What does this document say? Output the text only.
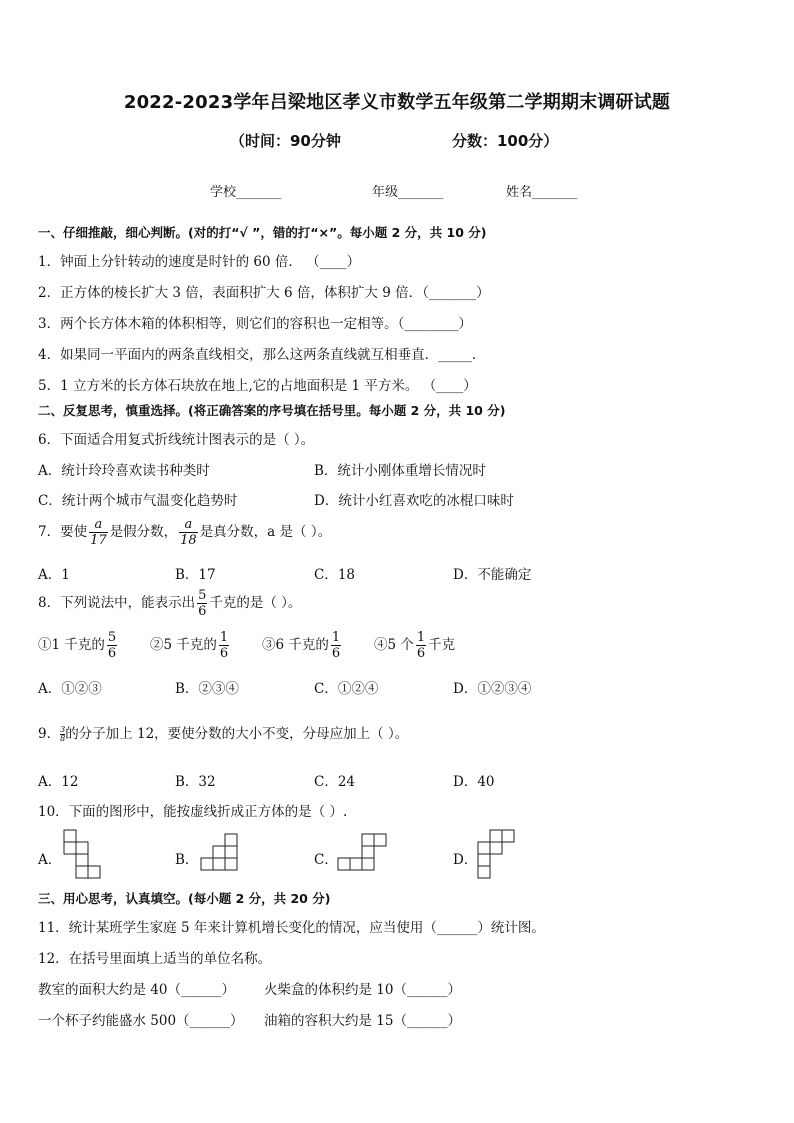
2022-2023学年吕梁地区孝义市数学五年级第二学期期末调研试题
（时间：90分钟	分数：100分）
学校_______	年级_______	姓名_______
一、仔细推敲，细心判断。(对的打“√ ”，错的打“×”。每小题 2 分，共 10 分)
1．钟面上分针转动的速度是时针的 60 倍． （____）
2．正方体的棱长扩大 3 倍，表面积扩大 6 倍，体积扩大 9 倍．（_______）
3．两个长方体木箱的体积相等，则它们的容积也一定相等。（________）
4．如果同一平面内的两条直线相交，那么这两条直线就互相垂直．_____．
5．1 立方米的长方体石块放在地上,它的占地面积是 1 平方米。 （____）
二、反复思考，慎重选择。(将正确答案的序号填在括号里。每小题 2 分，共 10 分)
6．下面适合用复式折线统计图表示的是（ ）。
A．统计玲玲喜欢读书种类时	B．统计小刚体重增长情况时
C．统计两个城市气温变化趋势时	D．统计小红喜欢吃的冰棍口味时
7．要使 $\frac{a}{17}$ 是假分数， $\frac{a}{18}$ 是真分数，a 是（ ）。
A．1	B．17	C．18	D．不能确定
8．下列说法中，能表示出 $\frac{5}{6}$ 千克的是（ ）。
①1 千克的 $\frac{5}{6}$ ②5 千克的 $\frac{1}{6}$ ③6 千克的 $\frac{1}{6}$ ④5 个 $\frac{1}{6}$ 千克
A．①②③	B．②③④	C．①②④	D．①②③④
9． $\frac{3}{8}$ 的分子加上 12，要使分数的大小不变，分母应加上（ ）。
A．12	B．32	C．24	D．40
10．下面的图形中，能按虚线折成正方体的是（ ）.
A．	B．	C．	D．
三、用心思考，认真填空。(每小题 2 分，共 20 分)
11．统计某班学生家庭 5 年来计算机增长变化的情况，应当使用（______）统计图。
12．在括号里面填上适当的单位名称。
教室的面积大约是 40（______） 火柴盒的体积约是 10（______）
一个杯子约能盛水 500（______） 油箱的容积大约是 15（______）
